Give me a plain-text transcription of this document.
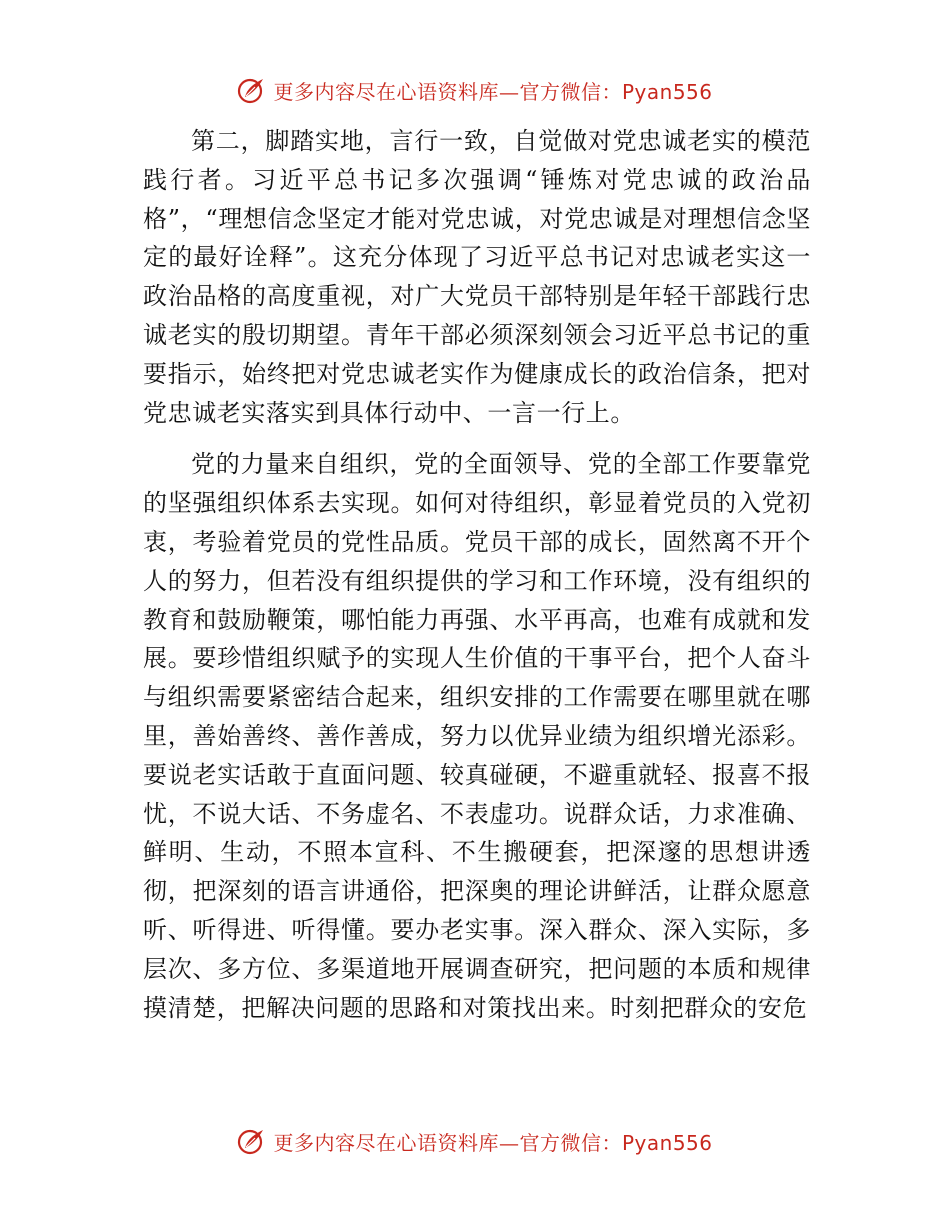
更多内容尽在心语资料库—官方微信：Pyan556

第二，脚踏实地，言行一致，自觉做对党忠诚老实的模范践行者。习近平总书记多次强调“锤炼对党忠诚的政治品格”，“理想信念坚定才能对党忠诚，对党忠诚是对理想信念坚定的最好诠释”。这充分体现了习近平总书记对忠诚老实这一政治品格的高度重视，对广大党员干部特别是年轻干部践行忠诚老实的殷切期望。青年干部必须深刻领会习近平总书记的重要指示，始终把对党忠诚老实作为健康成长的政治信条，把对党忠诚老实落实到具体行动中、一言一行上。

党的力量来自组织，党的全面领导、党的全部工作要靠党的坚强组织体系去实现。如何对待组织，彰显着党员的入党初衷，考验着党员的党性品质。党员干部的成长，固然离不开个人的努力，但若没有组织提供的学习和工作环境，没有组织的教育和鼓励鞭策，哪怕能力再强、水平再高，也难有成就和发展。要珍惜组织赋予的实现人生价值的干事平台，把个人奋斗与组织需要紧密结合起来，组织安排的工作需要在哪里就在哪里，善始善终、善作善成，努力以优异业绩为组织增光添彩。要说老实话敢于直面问题、较真碰硬，不避重就轻、报喜不报忧，不说大话、不务虚名、不表虚功。说群众话，力求准确、鲜明、生动，不照本宣科、不生搬硬套，把深邃的思想讲透彻，把深刻的语言讲通俗，把深奥的理论讲鲜活，让群众愿意听、听得进、听得懂。要办老实事。深入群众、深入实际，多层次、多方位、多渠道地开展调查研究，把问题的本质和规律摸清楚，把解决问题的思路和对策找出来。时刻把群众的安危

更多内容尽在心语资料库—官方微信：Pyan556
